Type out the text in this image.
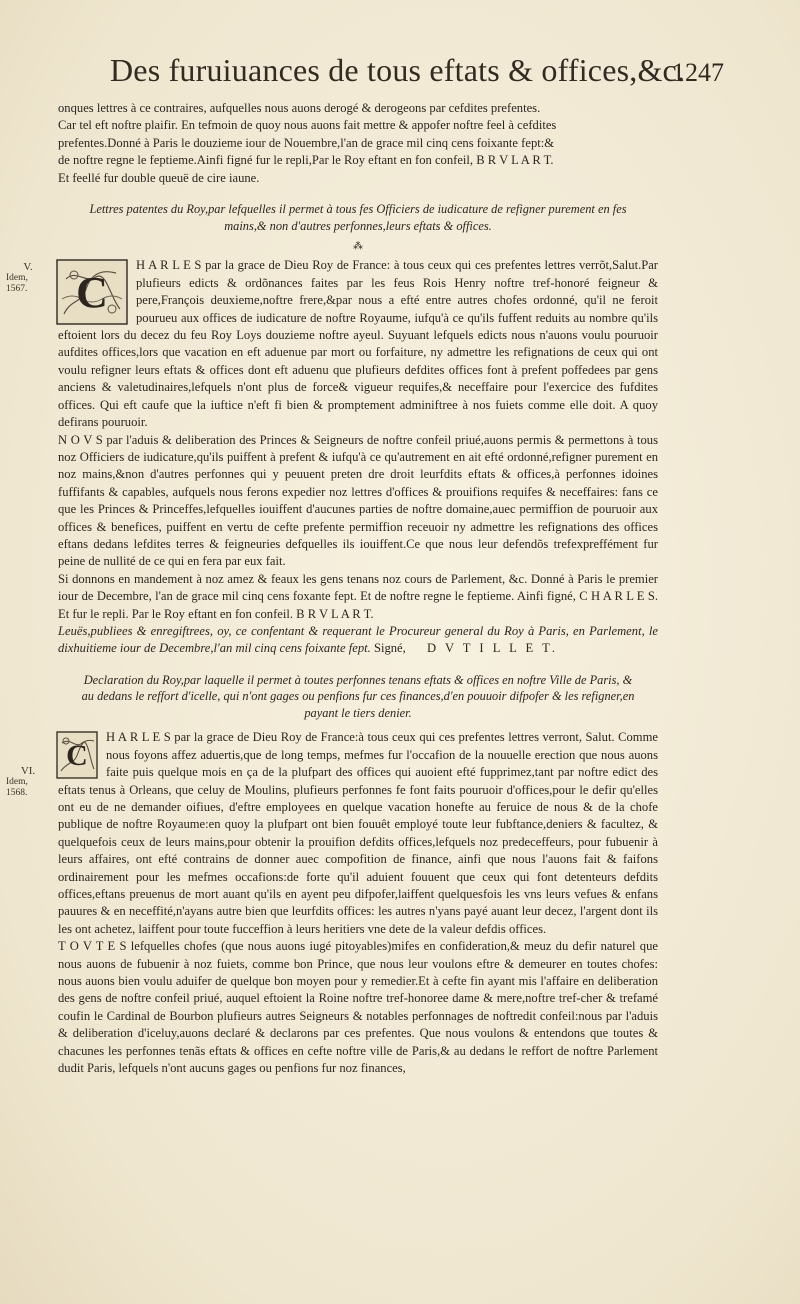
Des furuiuances de tous eftats & offices,&c.
1247
V.
Idem, 1567.
VI.
Idem, 1568.

onques lettres à ce contraires, aufquelles nous auons derogé & derogeons par cefdites prefentes.

Car tel eft noftre plaifir. En tefmoin de quoy nous auons fait mettre & appofer noftre feel à cefdites

prefentes.Donné à Paris le douzieme iour de Nouembre,l'an de grace mil cinq cens foixante fept:&

de noftre regne le feptieme.Ainfi figné fur le repli,Par le Roy eftant en fon confeil, B R V L A R T.

Et feellé fur double queuë de cire iaune.

Lettres patentes du Roy,par lefquelles il permet à tous fes Officiers de iudicature de refigner purement en fes mains,& non d'autres perfonnes,leurs eftats & offices.

⁂
C

H A R L E S par la grace de Dieu Roy de France: à tous ceux qui ces prefentes lettres verrõt,Salut.Par plufieurs edicts & ordõnances faites par les feus Rois Henry noftre tref-honoré feigneur & pere,François deuxieme,noftre frere,&par nous a efté entre autres chofes ordonné, qu'il ne feroit pourueu aux offices de iudicature de noftre Royaume, iufqu'à ce qu'ils fuffent reduits au nombre qu'ils eftoient lors du decez du feu Roy Loys douzieme noftre ayeul. Suyuant lefquels edicts nous n'auons voulu pouruoir aufdites offices,lors que vacation en eft aduenue par mort ou forfaiture, ny admettre les refignations de ceux qui ont voulu refigner leurs eftats & offices dont eft aduenu que plufieurs defdites offices font à prefent poffedees par gens anciens & valetudinaires,lefquels n'ont plus de force& vigueur requifes,& neceffaire pour l'exercice des fufdites offices. Qui eft caufe que la iuftice n'eft fi bien & promptement adminiftree à nos fuiets comme elle doit. A quoy defirans pouruoir.

N O V S par l'aduis & deliberation des Princes & Seigneurs de noftre confeil priué,auons permis & permettons à tous noz Officiers de iudicature,qu'ils puiffent à prefent & iufqu'à ce qu'autrement en ait efté ordonné,refigner purement en noz mains,&non d'autres perfonnes qui y peuuent preten dre droit leurfdits eftats & offices,à perfonnes idoines fuffifants & capables, aufquels nous ferons expedier noz lettres d'offices & prouifions requifes & neceffaires: fans ce que les Princes & Princeffes,lefquelles iouiffent d'aucunes parties de noftre domaine,auec permiffion de pouruoir aux offices & benefices, puiffent en vertu de cefte prefente permiffion receuoir ny admettre les refignations des offices eftans dedans lefdites terres & feigneuries defquelles ils iouiffent.Ce que nous leur defendõs trefexpreffément fur peine de nullité de ce qui en fera par eux fait.

Si donnons en mandement à noz amez & feaux les gens tenans noz cours de Parlement, &c. Donné à Paris le premier iour de Decembre, l'an de grace mil cinq cens foxante fept. Et de noftre regne le feptieme. Ainfi figné, C H A R L E S. Et fur le repli. Par le Roy eftant en fon confeil. B R V L A R T.

Leuës,publiees & enregiftrees, oy, ce confentant & requerant le Procureur general du Roy à Paris, en Parlement, le dixhuitieme iour de Decembre,l'an mil cinq cens foixante fept. Signé, D V T I L L E T.

Declaration du Roy,par laquelle il permet à toutes perfonnes tenans eftats & offices en noftre Ville de Paris, & au dedans le reffort d'icelle, qui n'ont gages ou penfions fur ces finances,d'en pouuoir difpofer & les refigner,en payant le tiers denier.

C

H A R L E S par la grace de Dieu Roy de France:à tous ceux qui ces prefentes lettres verront, Salut. Comme nous foyons affez aduertis,que de long temps, mefmes fur l'occafion de la nouuelle erection que nous auons faite puis quelque mois en ça de la plufpart des offices qui auoient efté fupprimez,tant par noftre edict des eftats tenus à Orleans, que celuy de Moulins, plufieurs perfonnes fe font faits pouruoir d'offices,pour le defir qu'elles ont eu de ne demander oifiues, d'eftre employees en quelque vacation honefte au feruice de nous & de la chofe publique de noftre Royaume:en quoy la plufpart ont bien fouuêt employé toute leur fubftance,deniers & facultez, & quelquefois ceux de leurs mains,pour obtenir la prouifion defdits offices,lefquels noz predeceffeurs, pour fubuenir à leurs affaires, ont efté contrains de donner auec compofition de finance, ainfi que nous l'auons fait & faifons ordinairement pour les mefmes occafions:de forte qu'il aduient fouuent que ceux qui font detenteurs defdits offices,eftans preuenus de mort auant qu'ils en ayent peu difpofer,laiffent quelquesfois les vns leurs vefues & enfans pauures & en neceffité,n'ayans autre bien que leurfdits offices: les autres n'yans payé auant leur decez, l'argent dont ils les ont achetez, laiffent pour toute fucceffion à leurs heritiers vne dete de la valeur defdis offices.

T O V T E S lefquelles chofes (que nous auons iugé pitoyables)mifes en confideration,& meuz du defir naturel que nous auons de fubuenir à noz fuiets, comme bon Prince, que nous leur voulons eftre & demeurer en toutes chofes: nous auons bien voulu aduifer de quelque bon moyen pour y remedier.Et à cefte fin ayant mis l'affaire en deliberation des gens de noftre confeil priué, auquel eftoient la Roine noftre tref-honoree dame & mere,noftre tref-cher & trefamé coufin le Cardinal de Bourbon plufieurs autres Seigneurs & notables perfonnages de noftredit confeil:nous par l'aduis & deliberation d'iceluy,auons declaré & declarons par ces prefentes. Que nous voulons & entendons que toutes & chacunes les perfonnes tenãs eftats & offices en cefte noftre ville de Paris,& au dedans le reffort de noftre Parlement dudit Paris, lefquels n'ont aucuns gages ou penfions fur noz finances,
